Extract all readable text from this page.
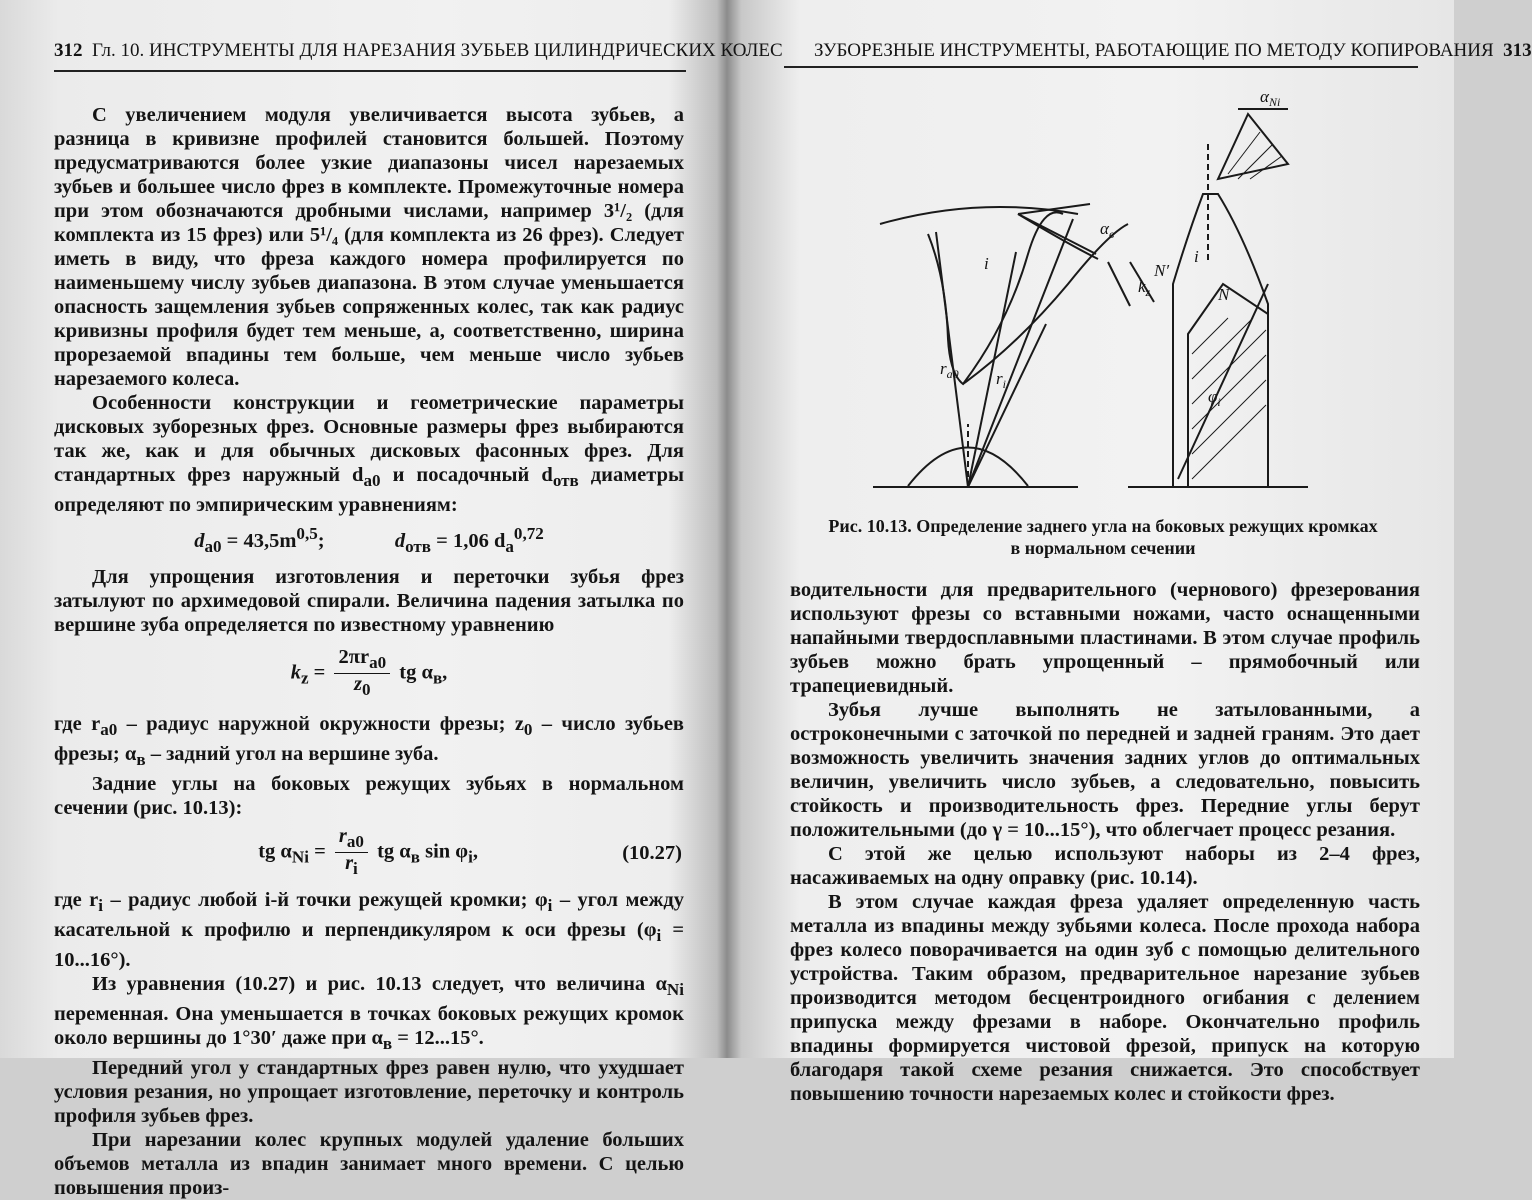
312 Гл. 10. ИНСТРУМЕНТЫ ДЛЯ НАРЕЗАНИЯ ЗУБЬЕВ ЦИЛИНДРИЧЕСКИХ КОЛЕС

С увеличением модуля увеличивается высота зубьев, а разница в кривизне профилей становится большей. Поэтому предусматриваются более узкие диапазоны чисел нарезаемых зубьев и большее число фрез в комплекте. Промежуточные номера при этом обозначаются дробными числами, например 3¹/₂ (для комплекта из 15 фрез) или 5¹/₄ (для комплекта из 26 фрез). Следует иметь в виду, что фреза каждого номера профилируется по наименьшему числу зубьев диапазона. В этом случае уменьшается опасность защемления зубьев сопряженных колес, так как радиус кривизны профиля будет тем меньше, а, соответственно, ширина прорезаемой впадины тем больше, чем меньше число зубьев нарезаемого колеса.

Особенности конструкции и геометрические параметры дисковых зуборезных фрез. Основные размеры фрез выбираются так же, как и для обычных дисковых фасонных фрез. Для стандартных фрез наружный $d_{a0}$ и посадочный $d_{отв}$ диаметры определяют по эмпирическим уравнениям:

$d_{a0} = 43,5m^{0,5}$;	$d_{отв} = 1,06$ $d_a^{0,72}$

Для упрощения изготовления и переточки зубья фрез затылуют по архимедовой спирали. Величина падения затылка по вершине зуба определяется по известному уравнению

$k_z = \frac{2\pi r_{a0}}{z_0}$ tg $\alpha_в$,

где $r_{a0}$ – радиус наружной окружности фрезы; $z_0$ – число зубьев фрезы; $\alpha_в$ – задний угол на вершине зуба.

Задние углы на боковых режущих зубьях в нормальном сечении (рис. 10.13):

tg $\alpha_{Ni} = \frac{r_{a0}}{r_i}$ tg $\alpha_в$ $\sin \varphi_i$,	(10.27)

где $r_i$ – радиус любой i-й точки режущей кромки; $\varphi_i$ – угол между касательной к профилю и перпендикуляром к оси фрезы $(\varphi_i = 10...16^\circ)$.

Из уравнения (10.27) и рис. 10.13 следует, что величина $\alpha_{Ni}$ переменная. Она уменьшается в точках боковых режущих кромок около вершины до 1°30′ даже при $\alpha_в = 12...15^\circ$.

Передний угол у стандартных фрез равен нулю, что ухудшает условия резания, но упрощает изготовление, переточку и контроль профиля зубьев фрез.

При нарезании колес крупных модулей удаление больших объемов металла из впадин занимает много времени. С целью повышения произ-

ЗУБОРЕЗНЫЕ ИНСТРУМЕНТЫ, РАБОТАЮЩИЕ ПО МЕТОДУ КОПИРОВАНИЯ 313
$\alpha_в$
$\alpha_{Ni}$
i	i
$k_z$
N′
N
$r_{a0}$ $r_i$
$\varphi_i$
Рис. 10.13. Определение заднего угла на боковых режущих кромках
в нормальном сечении

водительности для предварительного (чернового) фрезерования используют фрезы со вставными ножами, часто оснащенными напайными твердосплавными пластинами. В этом случае профиль зубьев можно брать упрощенный – прямобочный или трапециевидный.

Зубья лучше выполнять не затылованными, а остроконечными с заточкой по передней и задней граням. Это дает возможность увеличить значения задних углов до оптимальных величин, увеличить число зубьев, а следовательно, повысить стойкость и производительность фрез. Передние углы берут положительными (до γ = 10...15°), что облегчает процесс резания.

С этой же целью используют наборы из 2–4 фрез, насаживаемых на одну оправку (рис. 10.14).

В этом случае каждая фреза удаляет определенную часть металла из впадины между зубьями колеса. После прохода набора фрез колесо поворачивается на один зуб с помощью делительного устройства. Таким образом, предварительное нарезание зубьев производится методом бесцентроидного огибания с делением припуска между фрезами в наборе. Окончательно профиль впадины формируется чистовой фрезой, припуск на которую благодаря такой схеме резания снижается. Это способствует повышению точности нарезаемых колес и стойкости фрез.
